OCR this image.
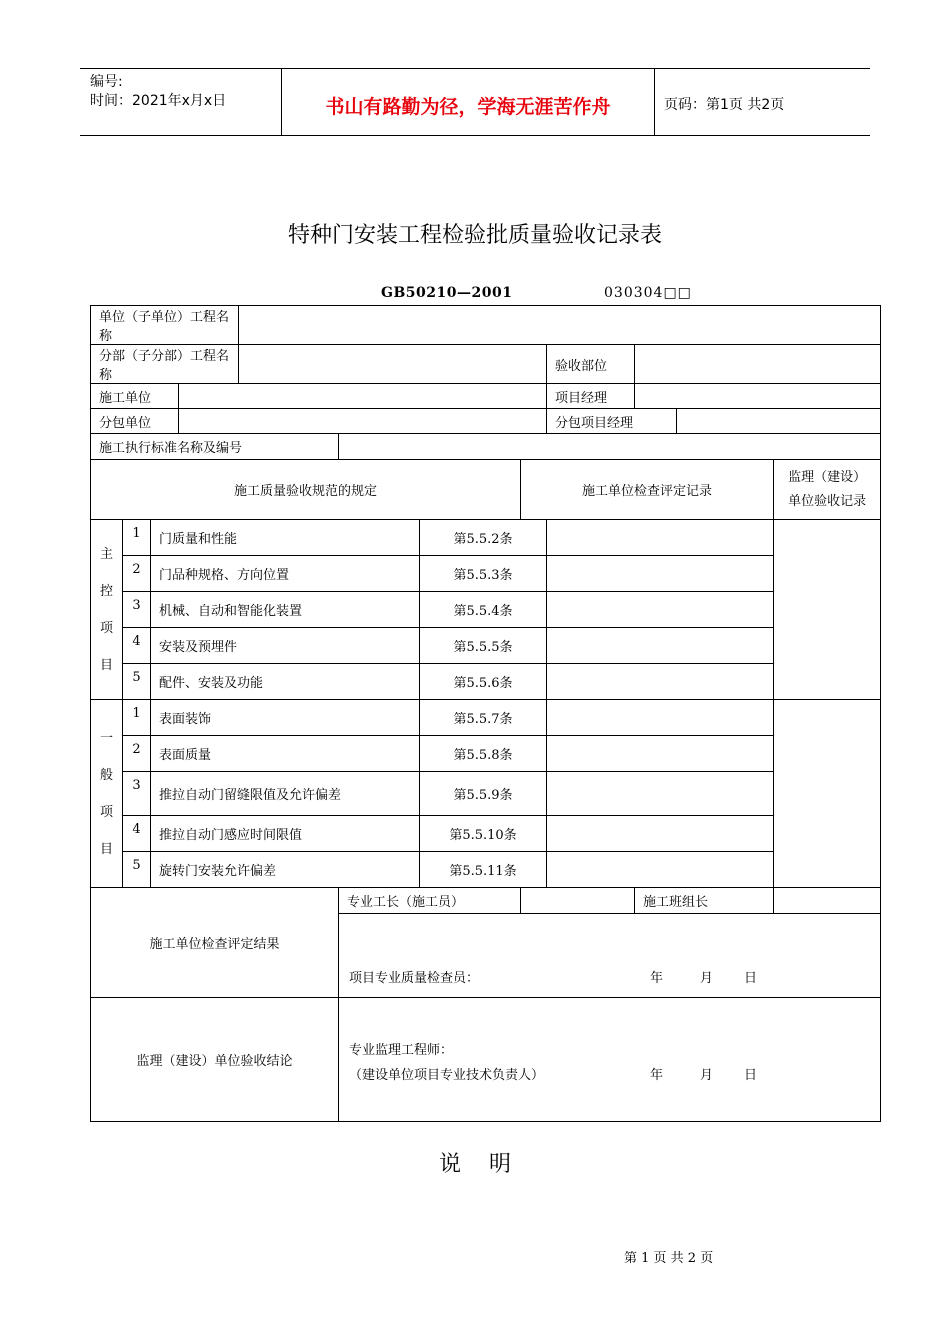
编号:
时间：2021年x月x日	书山有路勤为径，学海无涯苦作舟	页码：第1页 共2页
特种门安装工程检验批质量验收记录表
GB50210—2001	030304□□
单位（子单位）工程名称											
分部（子分部）工程名称								验收部位			
施工单位								项目经理			
分包单位								分包项目经理			
施工执行标准名称及编号											
施工质量验收规范的规定							施工单位检查评定记录				监理（建设）
单位验收记录
主
控
项
目	1	门质量和性能				第5.5.2条					
	2	门品种规格、方向位置				第5.5.3条					
	3	机械、自动和智能化装置				第5.5.4条					
	4	安装及预埋件				第5.5.5条					
	5	配件、安装及功能				第5.5.6条					
一
般
项
目	1	表面装饰				第5.5.7条					
	2	表面质量				第5.5.8条					
	3	推拉自动门留缝限值及允许偏差				第5.5.9条					
	4	推拉自动门感应时间限值				第5.5.10条					
	5	旋转门安装允许偏差				第5.5.11条					
施工单位检查评定结果					专业工长（施工员）				施工班组长		

					项目专业质量检查员： 年 月 日						

监理（建设）单位验收结论					专业监理工程师：
（建设单位项目专业技术负责人） 年 月 日						
说    明
第 1 页 共 2 页
